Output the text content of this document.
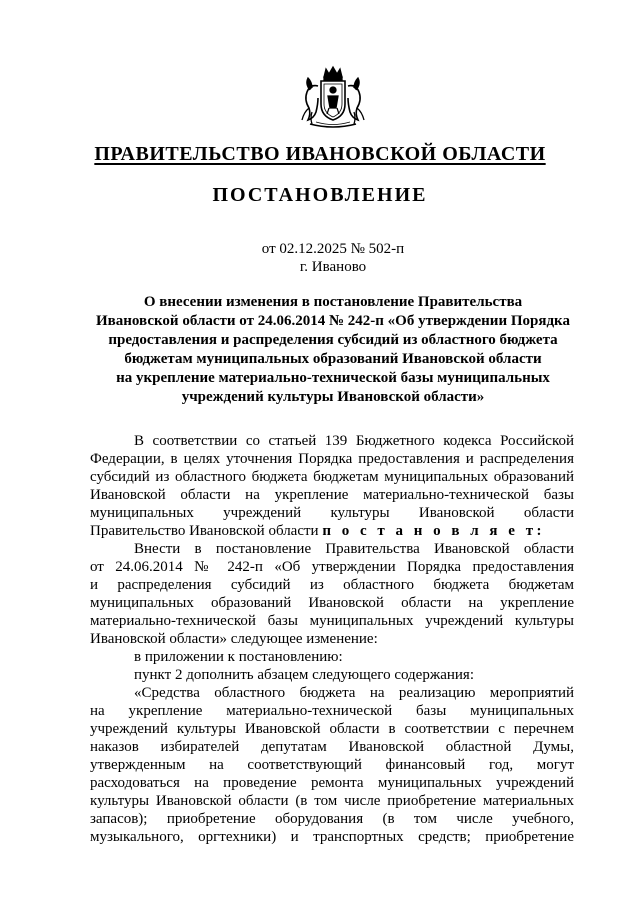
ПРАВИТЕЛЬСТВО ИВАНОВСКОЙ ОБЛАСТИ
ПОСТАНОВЛЕНИЕ
от 02.12.2025 № 502-п
г. Иваново
О внесении изменения в постановление Правительства
Ивановской области от 24.06.2014 № 242-п «Об утверждении Порядка
предоставления и распределения субсидий из областного бюджета
бюджетам муниципальных образований Ивановской области
на укрепление материально-технической базы муниципальных
учреждений культуры Ивановской области»
В соответствии со статьей 139 Бюджетного кодекса Российской
Федерации, в целях уточнения Порядка предоставления и распределения
субсидий из областного бюджета бюджетам муниципальных образований
Ивановской области на укрепление материально-технической базы
муниципальных учреждений культуры Ивановской области
Правительство Ивановской области п о с т а н о в л я е т:
Внести в постановление Правительства Ивановской области
от 24.06.2014 № 242-п «Об утверждении Порядка предоставления
и распределения субсидий из областного бюджета бюджетам
муниципальных образований Ивановской области на укрепление
материально-технической базы муниципальных учреждений культуры
Ивановской области» следующее изменение:
в приложении к постановлению:
пункт 2 дополнить абзацем следующего содержания:
«Средства областного бюджета на реализацию мероприятий
на укрепление материально-технической базы муниципальных
учреждений культуры Ивановской области в соответствии с перечнем
наказов избирателей депутатам Ивановской областной Думы,
утвержденным на соответствующий финансовый год, могут
расходоваться на проведение ремонта муниципальных учреждений
культуры Ивановской области (в том числе приобретение материальных
запасов); приобретение оборудования (в том числе учебного,
музыкального, оргтехники) и транспортных средств; приобретение
